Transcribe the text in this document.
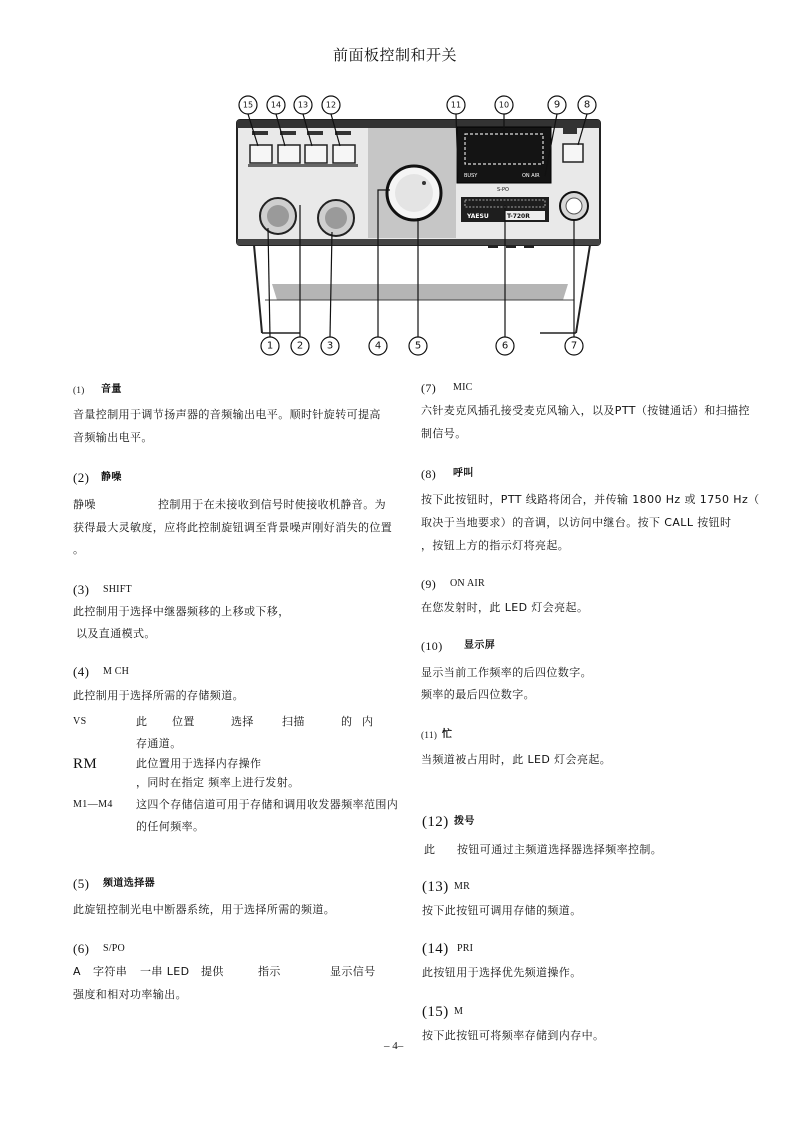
前面板控制和开关
BUSY	ON AIR
S-PO
YAESU	T-720R
15 14 13 12	11	10	9 8
1 2 3	4	5	6	7
(1) 音量
音量控制用于调节扬声器的音频输出电平。顺时针旋转可提高
音频输出电平。
(2) 静噪
静噪	控制用于在未接收到信号时使接收机静音。为
获得最大灵敏度，应将此控制旋钮调至背景噪声刚好消失的位置
。
(3) SHIFT
此控制用于选择中继器频移的上移或下移，
以及直通模式。
(4) M CH
此控制用于选择所需的存储频道。
VS	此 位置	选择	扫描	的 内
存通道。
RM	此位置用于选择内存操作
，同时在指定 频率上进行发射。
M1—M4 这四个存储信道可用于存储和调用收发器频率范围内
的任何频率。
(5) 频道选择器
此旋钮控制光电中断器系统，用于选择所需的频道。
(6) S/PO
A 字符串 一串 LED 提供	指示	显示信号
强度和相对功率输出。
(7) MIC
六针麦克风插孔接受麦克风输入，以及PTT（按键通话）和扫描控
制信号。
(8) 呼叫
按下此按钮时，PTT 线路将闭合，并传输 1800 Hz 或 1750 Hz（
取决于当地要求）的音调，以访问中继台。按下 CALL 按钮时
，按钮上方的指示灯将亮起。
(9) ON AIR
在您发射时，此 LED 灯会亮起。
(10) 显示屏
显示当前工作频率的后四位数字。
频率的最后四位数字。
(11) 忙
当频道被占用时，此 LED 灯会亮起。
(12) 拨号
此 按钮可通过主频道选择器选择频率控制。
(13) MR
按下此按钮可调用存储的频道。
(14) PRI
此按钮用于选择优先频道操作。
(15) M
按下此按钮可将频率存储到内存中。
– 4–
